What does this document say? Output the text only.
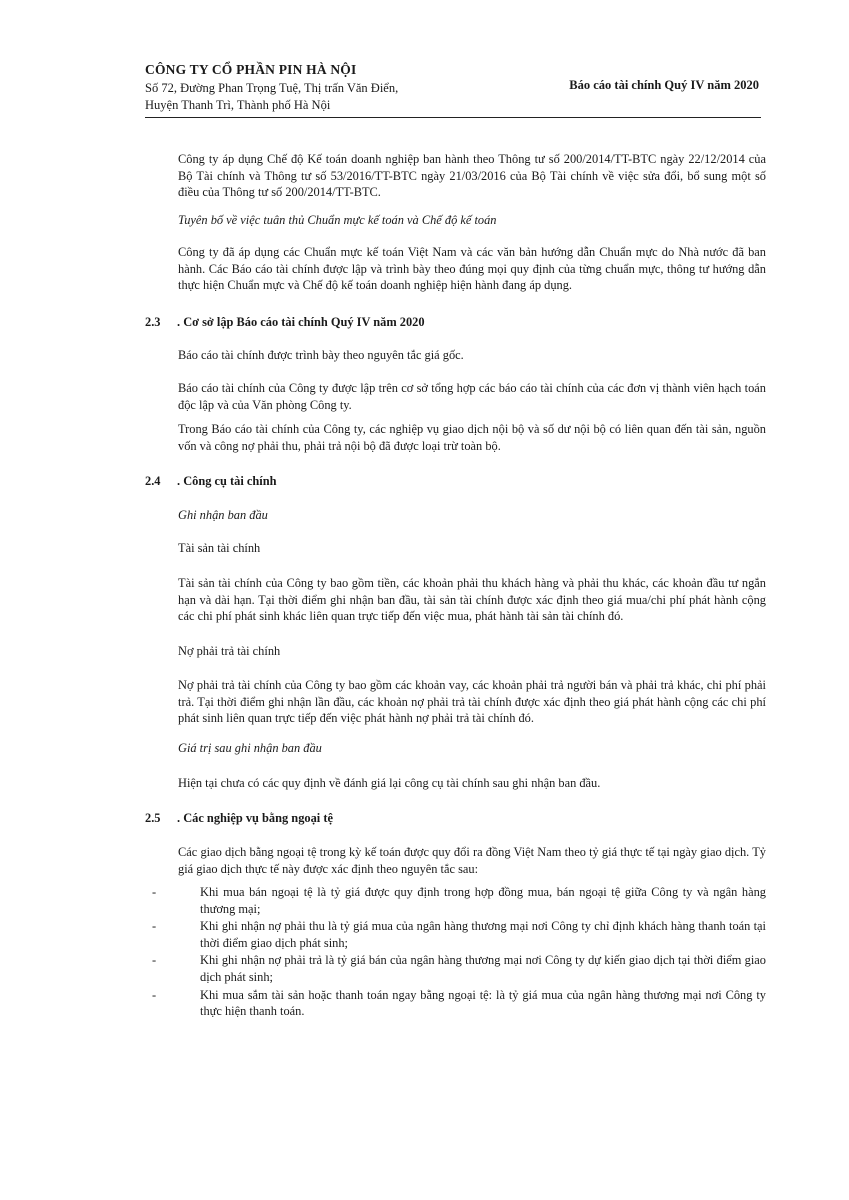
CÔNG TY CỔ PHẦN PIN HÀ NỘI
Số 72, Đường Phan Trọng Tuệ, Thị trấn Văn Điển,
Huyện Thanh Trì, Thành phố Hà Nội
Báo cáo tài chính Quý IV năm 2020
Công ty áp dụng Chế độ Kế toán doanh nghiệp ban hành theo Thông tư số 200/2014/TT-BTC ngày 22/12/2014 của Bộ Tài chính và Thông tư số 53/2016/TT-BTC ngày 21/03/2016 của Bộ Tài chính về việc sửa đổi, bổ sung một số điều của Thông tư số 200/2014/TT-BTC.
Tuyên bố về việc tuân thủ Chuẩn mực kế toán và Chế độ kế toán
Công ty đã áp dụng các Chuẩn mực kế toán Việt Nam và các văn bản hướng dẫn Chuẩn mực do Nhà nước đã ban hành. Các Báo cáo tài chính được lập và trình bày theo đúng mọi quy định của từng chuẩn mực, thông tư hướng dẫn thực hiện Chuẩn mực và Chế độ kế toán doanh nghiệp hiện hành đang áp dụng.
2.3 . Cơ sở lập Báo cáo tài chính Quý IV năm 2020
Báo cáo tài chính được trình bày theo nguyên tắc giá gốc.
Báo cáo tài chính của Công ty được lập trên cơ sở tổng hợp các báo cáo tài chính của các đơn vị thành viên hạch toán độc lập và của Văn phòng Công ty.
Trong Báo cáo tài chính của Công ty, các nghiệp vụ giao dịch nội bộ và số dư nội bộ có liên quan đến tài sản, nguồn vốn và công nợ phải thu, phải trả nội bộ đã được loại trừ toàn bộ.
2.4 . Công cụ tài chính
Ghi nhận ban đầu
Tài sản tài chính
Tài sản tài chính của Công ty bao gồm tiền, các khoản phải thu khách hàng và phải thu khác, các khoản đầu tư ngắn hạn và dài hạn. Tại thời điểm ghi nhận ban đầu, tài sản tài chính được xác định theo giá mua/chi phí phát hành cộng các chi phí phát sinh khác liên quan trực tiếp đến việc mua, phát hành tài sản tài chính đó.
Nợ phải trả tài chính
Nợ phải trả tài chính của Công ty bao gồm các khoản vay, các khoản phải trả người bán và phải trả khác, chi phí phải trả. Tại thời điểm ghi nhận lần đầu, các khoản nợ phải trả tài chính được xác định theo giá phát hành cộng các chi phí phát sinh liên quan trực tiếp đến việc phát hành nợ phải trả tài chính đó.
Giá trị sau ghi nhận ban đầu
Hiện tại chưa có các quy định về đánh giá lại công cụ tài chính sau ghi nhận ban đầu.
2.5 . Các nghiệp vụ bằng ngoại tệ
Các giao dịch bằng ngoại tệ trong kỳ kế toán được quy đổi ra đồng Việt Nam theo tỷ giá thực tế tại ngày giao dịch. Tỷ giá giao dịch thực tế này được xác định theo nguyên tắc sau:
-	Khi mua bán ngoại tệ là tỷ giá được quy định trong hợp đồng mua, bán ngoại tệ giữa Công ty và ngân hàng thương mại;
-	Khi ghi nhận nợ phải thu là tỷ giá mua của ngân hàng thương mại nơi Công ty chỉ định khách hàng thanh toán tại thời điểm giao dịch phát sinh;
-	Khi ghi nhận nợ phải trả là tỷ giá bán của ngân hàng thương mại nơi Công ty dự kiến giao dịch tại thời điểm giao dịch phát sinh;
-	Khi mua sắm tài sản hoặc thanh toán ngay bằng ngoại tệ: là tỷ giá mua của ngân hàng thương mại nơi Công ty thực hiện thanh toán.
